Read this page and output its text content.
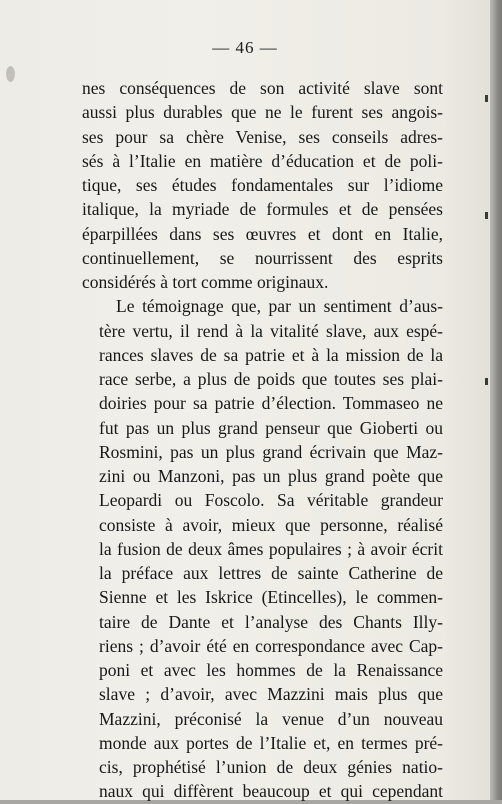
— 46 —

nes conséquences de son activité slave sont
aussi plus durables que ne le furent ses angois-
ses pour sa chère Venise, ses conseils adres-
sés à l’Italie en matière d’éducation et de poli-
tique, ses études fondamentales sur l’idiome
italique, la myriade de formules et de pensées
éparpillées dans ses œuvres et dont en Italie,
continuellement, se nourrissent des esprits
considérés à tort comme originaux.

Le témoignage que, par un sentiment d’aus-
tère vertu, il rend à la vitalité slave, aux espé-
rances slaves de sa patrie et à la mission de la
race serbe, a plus de poids que toutes ses plai-
doiries pour sa patrie d’élection. Tommaseo ne
fut pas un plus grand penseur que Gioberti ou
Rosmini, pas un plus grand écrivain que Maz-
zini ou Manzoni, pas un plus grand poète que
Leopardi ou Foscolo. Sa véritable grandeur
consiste à avoir, mieux que personne, réalisé
la fusion de deux âmes populaires ; à avoir écrit
la préface aux lettres de sainte Catherine de
Sienne et les Iskrice (Etincelles), le commen-
taire de Dante et l’analyse des Chants Illy-
riens ; d’avoir été en correspondance avec Cap-
poni et avec les hommes de la Renaissance
slave ; d’avoir, avec Mazzini mais plus que
Mazzini, préconisé la venue d’un nouveau
monde aux portes de l’Italie et, en termes pré-
cis, prophétisé l’union de deux génies natio-
naux qui diffèrent beaucoup et qui cependant
